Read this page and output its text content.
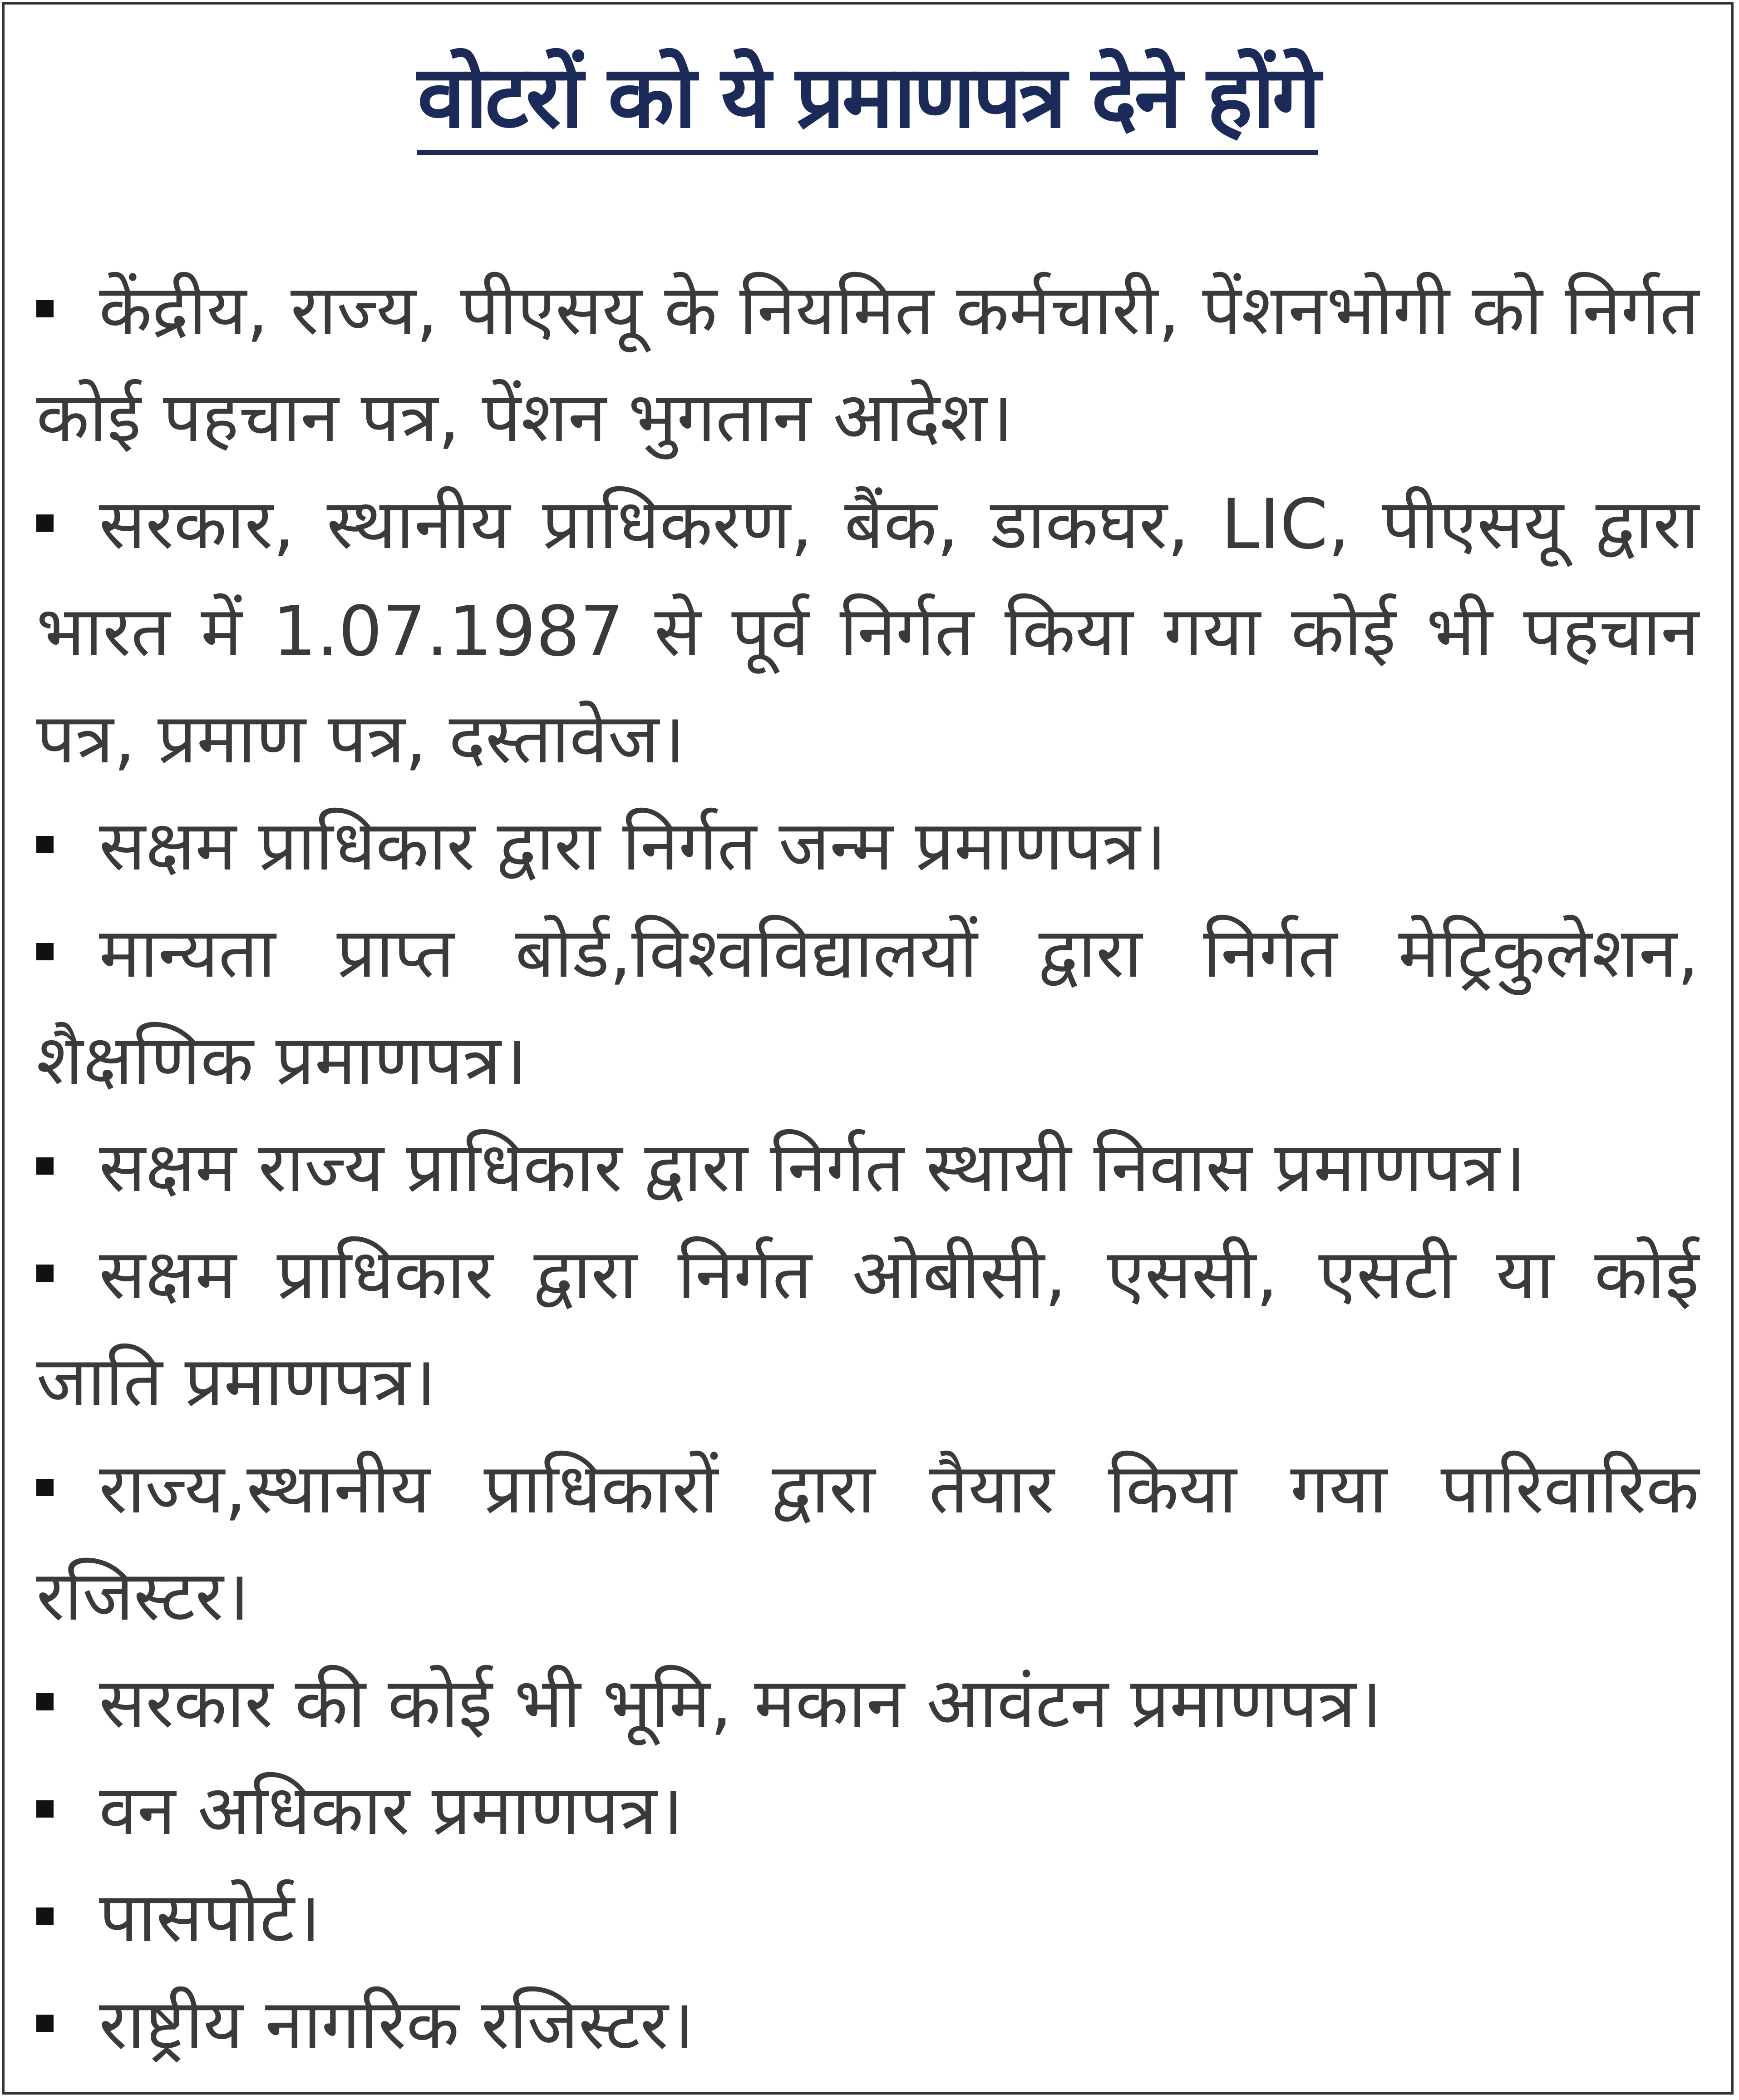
वोटरों को ये प्रमाणपत्र देने होंगे
केंद्रीय, राज्य, पीएसयू के नियमित कर्मचारी, पेंशनभोगी को निर्गत कोई पहचान पत्र, पेंशन भुगतान आदेश।
सरकार, स्थानीय प्राधिकरण, बैंक, डाकघर, LIC, पीएसयू द्वारा भारत में 1.07.1987 से पूर्व निर्गत किया गया कोई भी पहचान पत्र, प्रमाण पत्र, दस्तावेज।
सक्षम प्राधिकार द्वारा निर्गत जन्म प्रमाणपत्र।
मान्यता प्राप्त बोर्ड,विश्वविद्यालयों द्वारा निर्गत मेट्रिकुलेशन, शैक्षणिक प्रमाणपत्र।
सक्षम राज्य प्राधिकार द्वारा निर्गत स्थायी निवास प्रमाणपत्र।
सक्षम प्राधिकार द्वारा निर्गत ओबीसी, एससी, एसटी या कोई जाति प्रमाणपत्र।
राज्य,स्थानीय प्राधिकारों द्वारा तैयार किया गया पारिवारिक रजिस्टर।
सरकार की कोई भी भूमि, मकान आवंटन प्रमाणपत्र।
वन अधिकार प्रमाणपत्र।
पासपोर्ट।
राष्ट्रीय नागरिक रजिस्टर।
